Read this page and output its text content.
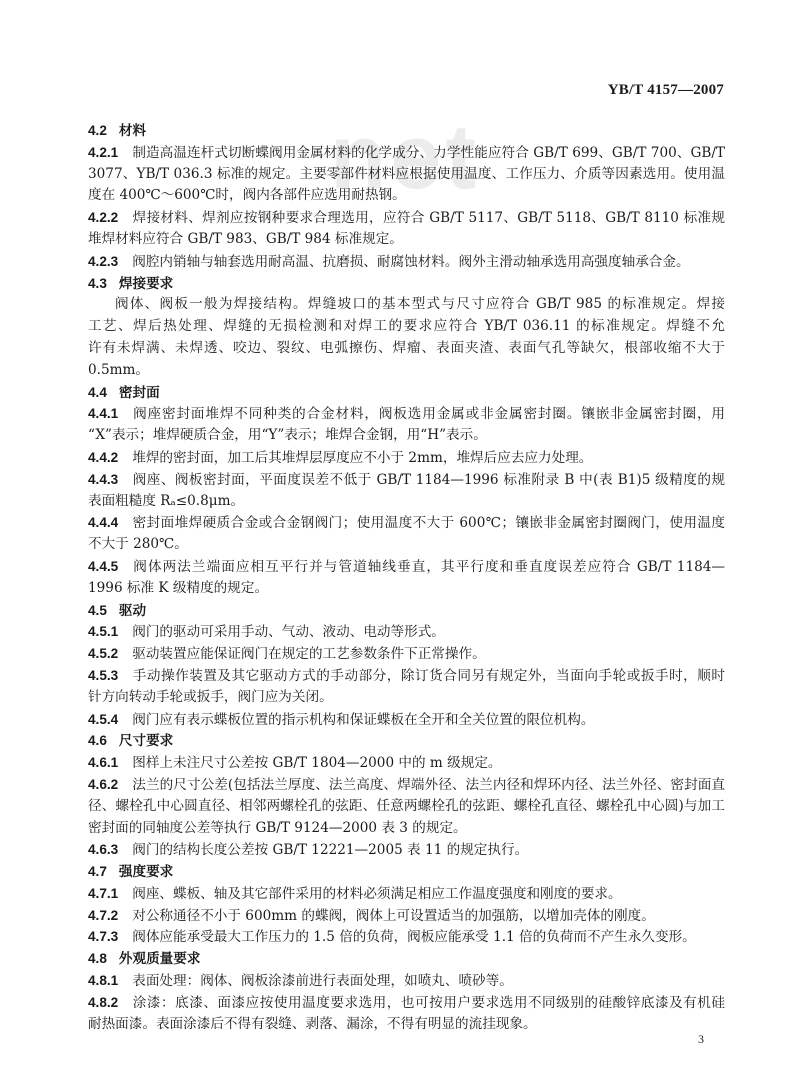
YB/T 4157—2007
net
4.2 材料
4.2.1 制造高温连杆式切断蝶阀用金属材料的化学成分、力学性能应符合 GB/T 699、GB/T 700、GB/T
3077、YB/T 036.3 标准的规定。主要零部件材料应根据使用温度、工作压力、介质等因素选用。使用温
度在 400℃～600℃时，阀内各部件应选用耐热钢。
4.2.2 焊接材料、焊剂应按钢种要求合理选用，应符合 GB/T 5117、GB/T 5118、GB/T 8110 标准规
堆焊材料应符合 GB/T 983、GB/T 984 标准规定。
4.2.3 阀腔内销轴与轴套选用耐高温、抗磨损、耐腐蚀材料。阀外主滑动轴承选用高强度轴承合金。
4.3 焊接要求
阀体、阀板一般为焊接结构。焊缝坡口的基本型式与尺寸应符合 GB/T 985 的标准规定。焊接
工艺、焊后热处理、焊缝的无损检测和对焊工的要求应符合 YB/T 036.11 的标准规定。焊缝不允
许有未焊满、未焊透、咬边、裂纹、电弧擦伤、焊瘤、表面夹渣、表面气孔等缺欠，根部收缩不大于
0.5mm。
4.4 密封面
4.4.1 阀座密封面堆焊不同种类的合金材料，阀板选用金属或非金属密封圈。镶嵌非金属密封圈，用
“X”表示；堆焊硬质合金，用“Y”表示；堆焊合金钢，用“H”表示。
4.4.2 堆焊的密封面，加工后其堆焊层厚度应不小于 2mm，堆焊后应去应力处理。
4.4.3 阀座、阀板密封面，平面度误差不低于 GB/T 1184—1996 标准附录 B 中(表 B1)5 级精度的规
表面粗糙度 Rₐ≤0.8μm。
4.4.4 密封面堆焊硬质合金或合金钢阀门；使用温度不大于 600℃；镶嵌非金属密封圈阀门，使用温度
不大于 280℃。
4.4.5 阀体两法兰端面应相互平行并与管道轴线垂直，其平行度和垂直度误差应符合 GB/T 1184—
1996 标准 K 级精度的规定。
4.5 驱动
4.5.1 阀门的驱动可采用手动、气动、液动、电动等形式。
4.5.2 驱动装置应能保证阀门在规定的工艺参数条件下正常操作。
4.5.3 手动操作装置及其它驱动方式的手动部分，除订货合同另有规定外，当面向手轮或扳手时，顺时
针方向转动手轮或扳手，阀门应为关闭。
4.5.4 阀门应有表示蝶板位置的指示机构和保证蝶板在全开和全关位置的限位机构。
4.6 尺寸要求
4.6.1 图样上未注尺寸公差按 GB/T 1804—2000 中的 m 级规定。
4.6.2 法兰的尺寸公差(包括法兰厚度、法兰高度、焊端外径、法兰内径和焊环内径、法兰外径、密封面直
径、螺栓孔中心圆直径、相邻两螺栓孔的弦距、任意两螺栓孔的弦距、螺栓孔直径、螺栓孔中心圆)与加工
密封面的同轴度公差等执行 GB/T 9124—2000 表 3 的规定。
4.6.3 阀门的结构长度公差按 GB/T 12221—2005 表 11 的规定执行。
4.7 强度要求
4.7.1 阀座、蝶板、轴及其它部件采用的材料必须满足相应工作温度强度和刚度的要求。
4.7.2 对公称通径不小于 600mm 的蝶阀，阀体上可设置适当的加强筋，以增加壳体的刚度。
4.7.3 阀体应能承受最大工作压力的 1.5 倍的负荷，阀板应能承受 1.1 倍的负荷而不产生永久变形。
4.8 外观质量要求
4.8.1 表面处理：阀体、阀板涂漆前进行表面处理，如喷丸、喷砂等。
4.8.2 涂漆：底漆、面漆应按使用温度要求选用，也可按用户要求选用不同级别的硅酸锌底漆及有机硅
耐热面漆。表面涂漆后不得有裂缝、剥落、漏涂，不得有明显的流挂现象。
3
